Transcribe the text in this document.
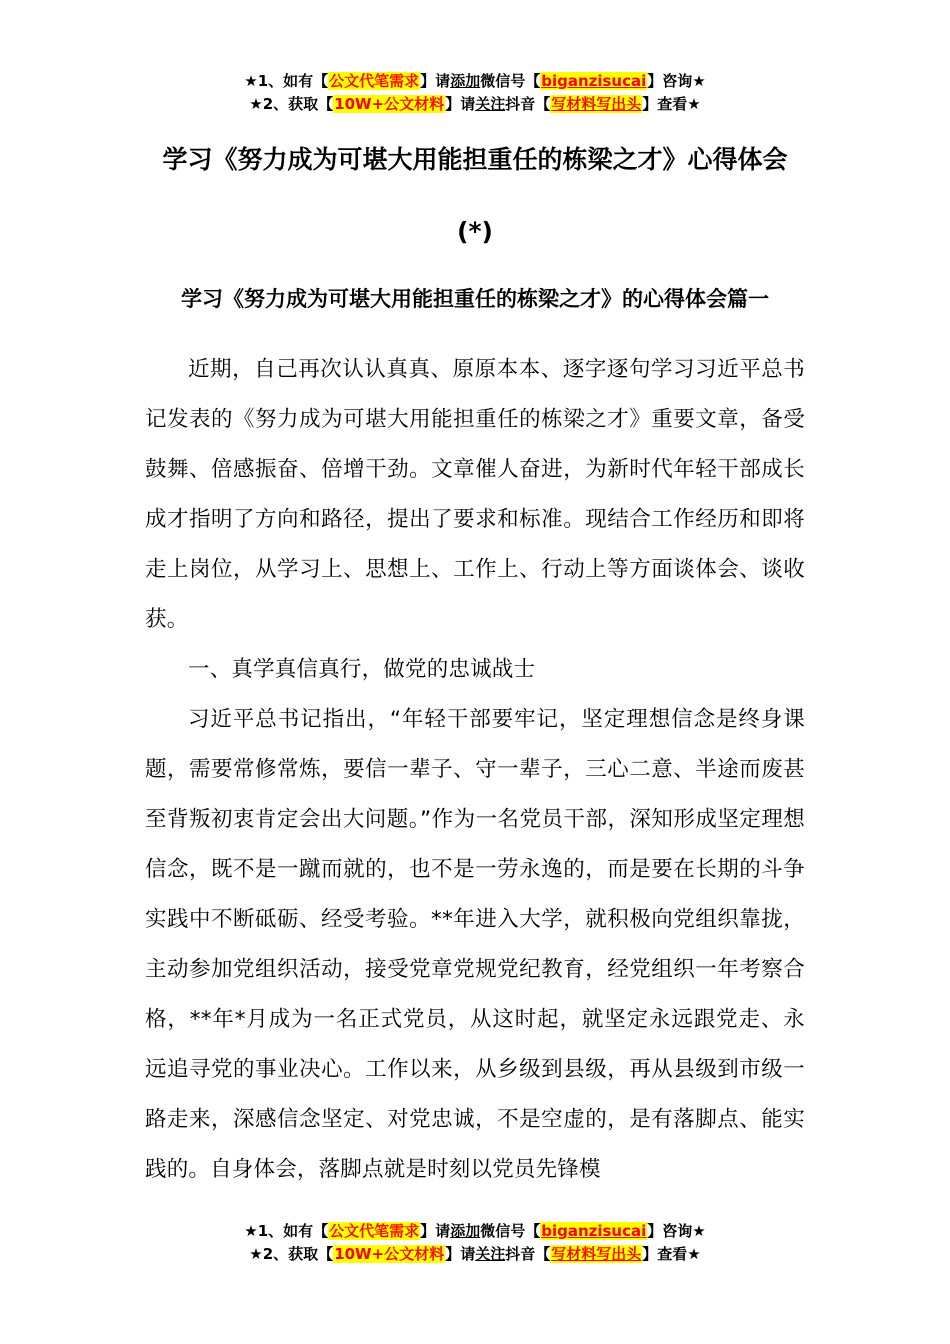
★1、如有【公文代笔需求】请添加微信号【biganzisucai】咨询★
★2、获取【10W+公文材料】请关注抖音【写材料写出头】查看★
学习《努力成为可堪大用能担重任的栋梁之才》心得体会
(*)
学习《努力成为可堪大用能担重任的栋梁之才》的心得体会篇一

近期，自己再次认认真真、原原本本、逐字逐句学习习近平总书记发表的《努力成为可堪大用能担重任的栋梁之才》重要文章，备受鼓舞、倍感振奋、倍增干劲。文章催人奋进，为新时代年轻干部成长成才指明了方向和路径，提出了要求和标准。现结合工作经历和即将走上岗位，从学习上、思想上、工作上、行动上等方面谈体会、谈收获。

一、真学真信真行，做党的忠诚战士

习近平总书记指出，“年轻干部要牢记，坚定理想信念是终身课题，需要常修常炼，要信一辈子、守一辈子，三心二意、半途而废甚至背叛初衷肯定会出大问题。”作为一名党员干部，深知形成坚定理想信念，既不是一蹴而就的，也不是一劳永逸的，而是要在长期的斗争实践中不断砥砺、经受考验。**年进入大学，就积极向党组织靠拢，主动参加党组织活动，接受党章党规党纪教育，经党组织一年考察合格，**年*月成为一名正式党员，从这时起，就坚定永远跟党走、永远追寻党的事业决心。工作以来，从乡级到县级，再从县级到市级一路走来，深感信念坚定、对党忠诚，不是空虚的，是有落脚点、能实践的。自身体会，落脚点就是时刻以党员先锋模

★1、如有【公文代笔需求】请添加微信号【biganzisucai】咨询★
★2、获取【10W+公文材料】请关注抖音【写材料写出头】查看★
